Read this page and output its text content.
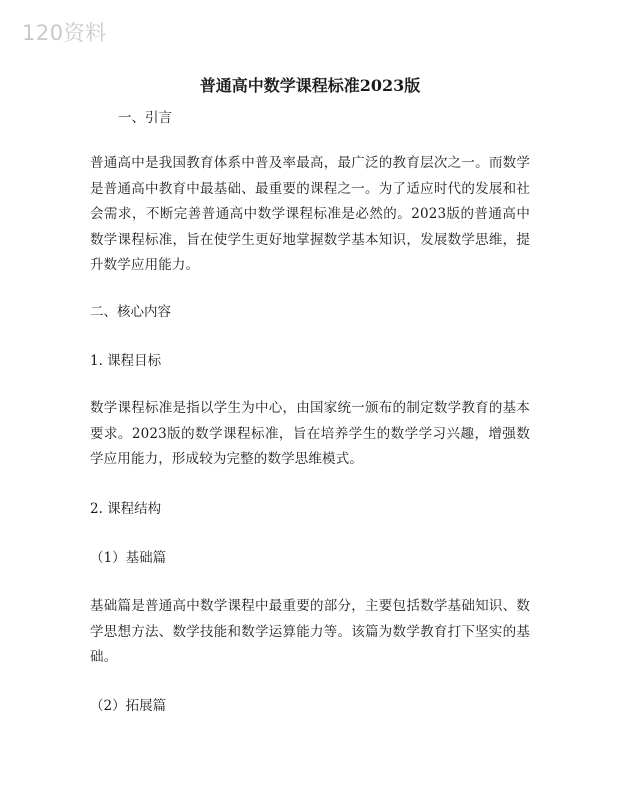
120资料
普通高中数学课程标准2023版

一、引言

普通高中是我国教育体系中普及率最高，最广泛的教育层次之一。而数学是普通高中教育中最基础、最重要的课程之一。为了适应时代的发展和社会需求，不断完善普通高中数学课程标准是必然的。2023版的普通高中数学课程标准，旨在使学生更好地掌握数学基本知识，发展数学思维，提升数学应用能力。

二、核心内容

1. 课程目标

数学课程标准是指以学生为中心，由国家统一颁布的制定数学教育的基本要求。2023版的数学课程标准，旨在培养学生的数学学习兴趣，增强数学应用能力，形成较为完整的数学思维模式。

2. 课程结构

（1）基础篇

基础篇是普通高中数学课程中最重要的部分，主要包括数学基础知识、数学思想方法、数学技能和数学运算能力等。该篇为数学教育打下坚实的基础。

（2）拓展篇
